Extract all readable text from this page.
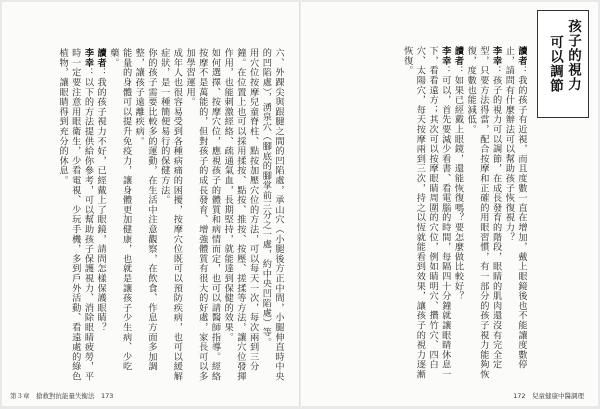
六、外踝尖與跟腱之間的凹陷處，承山穴（小腿後方正中間，小腿伸直時中央的凹陷處），湧泉穴（腳底的腳掌前三分之一處，約中央凹陷處）等。

用穴位按摩兒童脊柱、點按加壓穴位的方法，可以每天一次，每次兩到三分鐘。在位置上也可以採用揉按、點按、推按、按壓、搓揉等方法，讓穴位發揮作用，也能刺激經絡、疏通氣血，長期堅持，就能達到保健的效果。

如何選擇、按摩穴位，應視孩子的體質和病情而定，也可以請醫師指導。經絡按摩不是萬能的，但對孩子的成長發育、增強體質有很大的好處，家長可以多加學習運用。

成年人也很容易受到各種病痛的困擾，按摩穴位既可以預防疾病，也可以緩解症狀，是一種簡便易行的保健方法。

你的孩子需要比較多的運動，在生活中注意觀察，在飲食、作息方面多加調整，讓孩子遠離疾病。

能量的身體可以提升免疫力，讓身體更加健康，也就是讓孩子少生病、少吃藥。

讀者：我的孩子視力不好，已經戴上了眼鏡，請問怎樣保護眼睛？

李幸：以下的方法提供給你參考，可以幫助孩子保護視力、消除眼睛疲勞，平時一定要注意用眼衛生，少看電視、少玩手機，多到戶外活動、看遠處的綠色植物，讓眼睛得到充分的休息。

第３章　搶救對抗能量失衡法　173
孩子的視力
可以調節

讀者：我的孩子有近視，而且度數一直在增加，戴上眼鏡後也不能讓度數停止，請問有什麼辦法可以幫助孩子恢復視力？

李幸：孩子的視力可以調節，在成長發育的階段，眼睛的肌肉還沒有完全定型，只要方法得當，配合按摩和正確的用眼習慣，有一部分的孩子視力能夠恢復，度數也能減低。

讀者：如果已經戴上眼鏡，還能恢復嗎？要怎麼做比較好？

李幸：可以，首先要減少看書、看電腦的時間，每隔四十分鐘就讓眼睛休息一下，看看遠方；其次可以按摩眼睛周圍的穴位，例如睛明穴、攢竹穴、四白穴、太陽穴，每天按摩兩到三次，持之以恆就能看到效果，讓孩子的視力逐漸恢復。

172　兒童健康中醫調理
